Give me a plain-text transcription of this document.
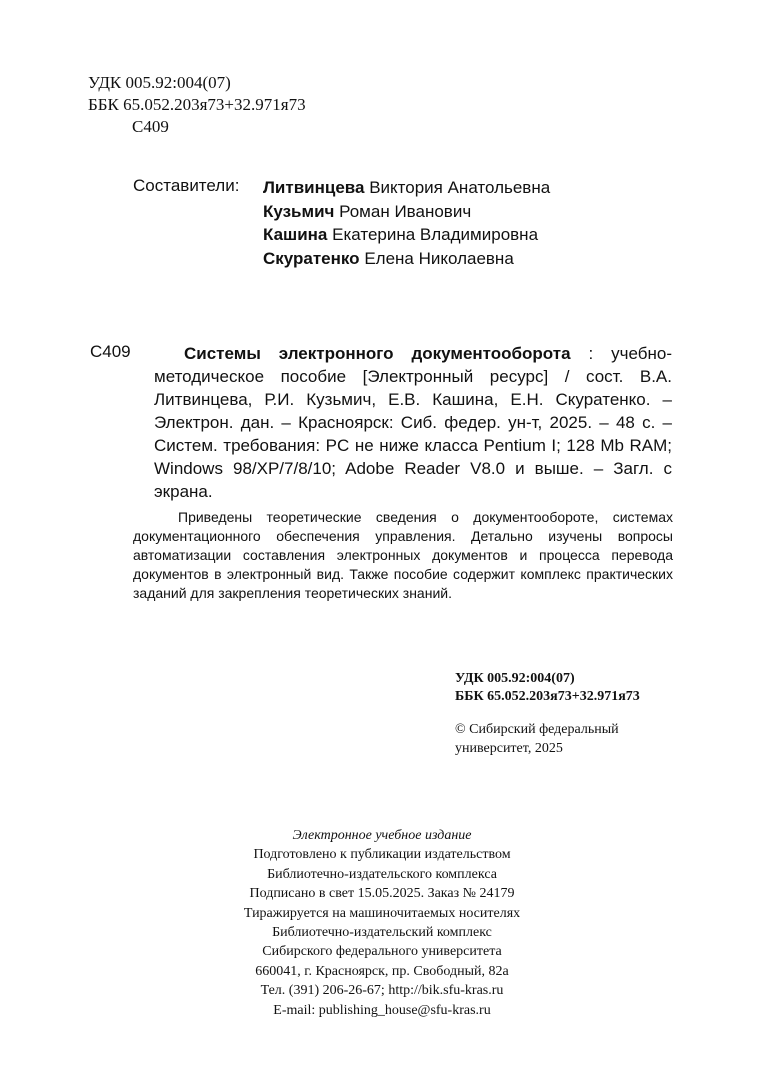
УДК 005.92:004(07)
ББК 65.052.203я73+32.971я73
С409
Составители: Литвинцева Виктория Анатольевна
Кузьмич Роман Иванович
Кашина Екатерина Владимировна
Скуратенко Елена Николаевна
С409	Системы электронного документооборота : учебно-методическое пособие [Электронный ресурс] / сост. В.А. Литвинцева, Р.И. Кузьмич, Е.В. Кашина, Е.Н. Скуратенко. – Электрон. дан. – Красноярск: Сиб. федер. ун-т, 2025. – 48 с. – Систем. требования: PC не ниже класса Pentium I; 128 Mb RAM; Windows 98/XP/7/8/10; Adobe Reader V8.0 и выше. – Загл. с экрана.
Приведены теоретические сведения о документообороте, системах документационного обеспечения управления. Детально изучены вопросы автоматизации составления электронных документов и процесса перевода документов в электронный вид. Также пособие содержит комплекс практических заданий для закрепления теоретических знаний.
УДК 005.92:004(07)
ББК 65.052.203я73+32.971я73
© Сибирский федеральный
университет, 2025
Электронное учебное издание
Подготовлено к публикации издательством
Библиотечно-издательского комплекса
Подписано в свет 15.05.2025. Заказ № 24179
Тиражируется на машиночитаемых носителях
Библиотечно-издательский комплекс
Сибирского федерального университета
660041, г. Красноярск, пр. Свободный, 82а
Тел. (391) 206-26-67; http://bik.sfu-kras.ru
E-mail: publishing_house@sfu-kras.ru
